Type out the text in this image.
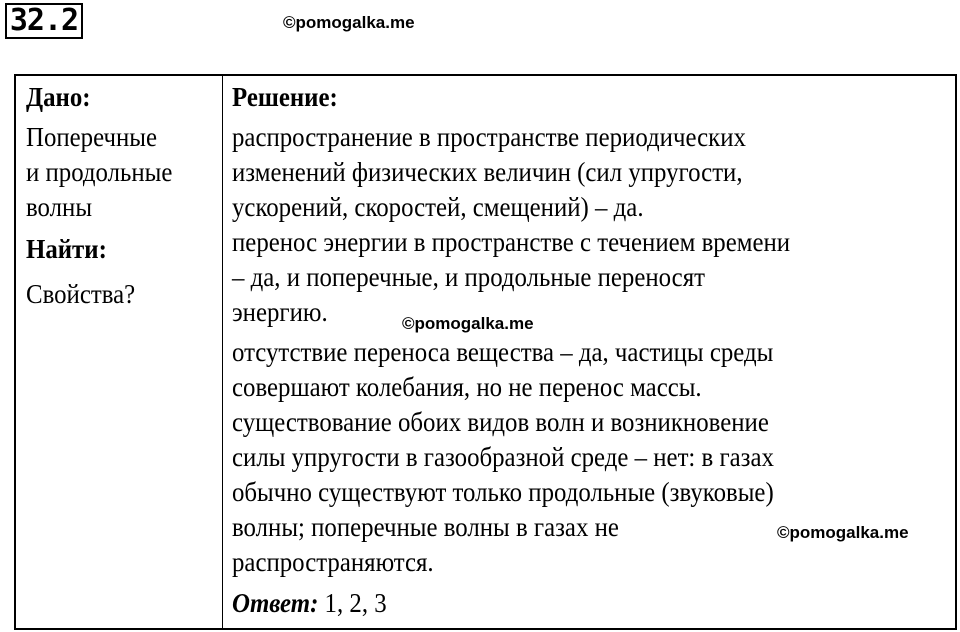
32.2	©pomogalka.me
Дано:
Поперечные
и продольные
волны
Найти:
Свойства?
Решение:
распространение в пространстве периодических
изменений физических величин (сил упругости,
ускорений, скоростей, смещений) – да.
перенос энергии в пространстве с течением времени
– да, и поперечные, и продольные переносят
энергию.
отсутствие переноса вещества – да, частицы среды
совершают колебания, но не перенос массы.
существование обоих видов волн и возникновение
силы упругости в газообразной среде – нет: в газах
обычно существуют только продольные (звуковые)
волны; поперечные волны в газах не
распространяются.
©pomogalka.me
©pomogalka.me
Ответ: 1, 2, 3
